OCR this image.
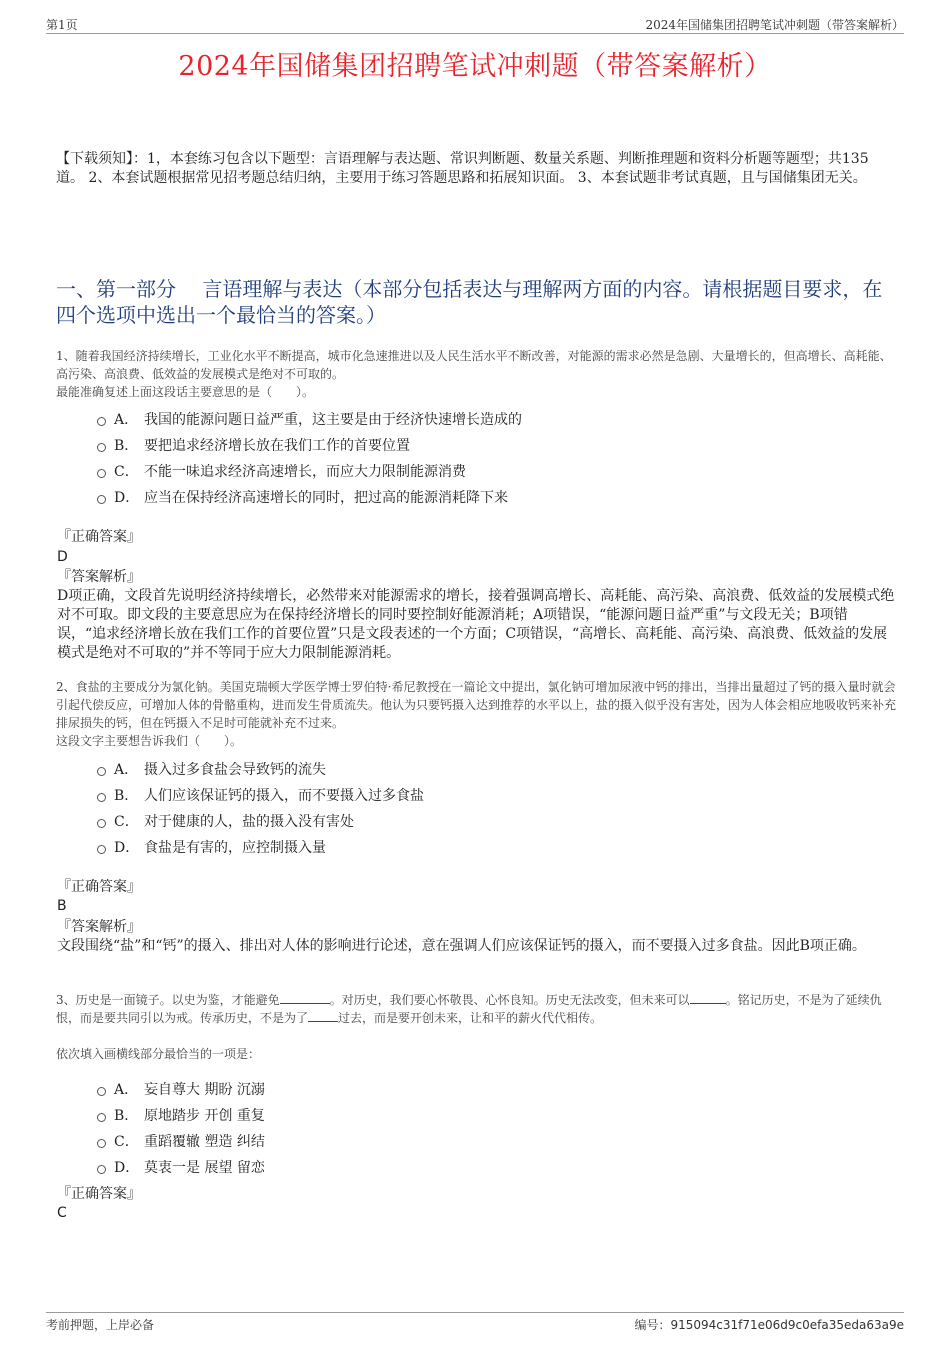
第1页	2024年国储集团招聘笔试冲刺题（带答案解析）
2024年国储集团招聘笔试冲刺题（带答案解析）
【下载须知】：1，本套练习包含以下题型：言语理解与表达题、常识判断题、数量关系题、判断推理题和资料分析题等题型；共135道。 2、本套试题根据常见招考题总结归纳，主要用于练习答题思路和拓展知识面。 3、本套试题非考试真题，且与国储集团无关。
一、第一部分 　言语理解与表达（本部分包括表达与理解两方面的内容。请根据题目要求，在四个选项中选出一个最恰当的答案。）

1、随着我国经济持续增长，工业化水平不断提高，城市化急速推进以及人民生活水平不断改善，对能源的需求必然是急剧、大量增长的，但高增长、高耗能、高污染、高浪费、低效益的发展模式是绝对不可取的。

最能准确复述上面这段话主要意思的是（　　）。

A． 我国的能源问题日益严重，这主要是由于经济快速增长造成的
B． 要把追求经济增长放在我们工作的首要位置
C． 不能一味追求经济高速增长，而应大力限制能源消费
D． 应当在保持经济高速增长的同时，把过高的能源消耗降下来
『正确答案』
D
『答案解析』
D项正确，文段首先说明经济持续增长，必然带来对能源需求的增长，接着强调高增长、高耗能、高污染、高浪费、低效益的发展模式绝对不可取。即文段的主要意思应为在保持经济增长的同时要控制好能源消耗；A项错误，“能源问题日益严重”与文段无关；B项错误，“追求经济增长放在我们工作的首要位置”只是文段表述的一个方面；C项错误，“高增长、高耗能、高污染、高浪费、低效益的发展模式是绝对不可取的”并不等同于应大力限制能源消耗。

2、食盐的主要成分为氯化钠。美国克瑞顿大学医学博士罗伯特·希尼教授在一篇论文中提出，氯化钠可增加尿液中钙的排出，当排出量超过了钙的摄入量时就会引起代偿反应，可增加人体的骨骼重构，进而发生骨质流失。他认为只要钙摄入达到推荐的水平以上，盐的摄入似乎没有害处，因为人体会相应地吸收钙来补充排尿损失的钙，但在钙摄入不足时可能就补充不过来。

这段文字主要想告诉我们（　　）。

A． 摄入过多食盐会导致钙的流失
B． 人们应该保证钙的摄入，而不要摄入过多食盐
C． 对于健康的人，盐的摄入没有害处
D． 食盐是有害的，应控制摄入量
『正确答案』
B
『答案解析』
文段围绕“盐”和“钙”的摄入、排出对人体的影响进行论述，意在强调人们应该保证钙的摄入，而不要摄入过多食盐。因此B项正确。

3、历史是一面镜子。以史为鉴，才能避免	。对历史，我们要心怀敬畏、心怀良知。历史无法改变，但未来可以	。铭记历史，不是为了延续仇恨，而是要共同引以为戒。传承历史，不是为了	过去，而是要开创未来，让和平的薪火代代相传。

依次填入画横线部分最恰当的一项是：
A． 妄自尊大 期盼 沉溺
B． 原地踏步 开创 重复
C． 重蹈覆辙 塑造 纠结
D． 莫衷一是 展望 留恋
『正确答案』
C
考前押题，上岸必备	编号：915094c31f71e06d9c0efa35eda63a9e
